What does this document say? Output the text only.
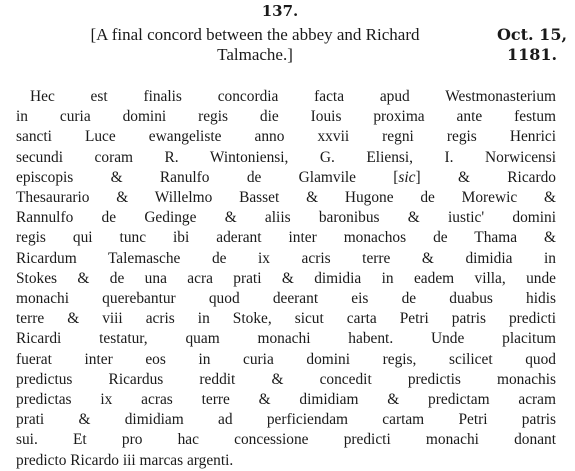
137.
[A final concord between the abbey and Richard
Talmache.]
Oct. 15,
1181.
Hec est finalis concordia facta apud Westmonasterium
in curia domini regis die Iouis proxima ante festum
sancti Luce ewangeliste anno xxvii regni regis Henrici
secundi coram R. Wintoniensi, G. Eliensi, I. Norwicensi
episcopis & Ranulfo de Glamvile [sic] & Ricardo
Thesaurario & Willelmo Basset & Hugone de Morewic &
Rannulfo de Gedinge & aliis baronibus & iustic' domini
regis qui tunc ibi aderant inter monachos de Thama &
Ricardum Talemasche de ix acris terre & dimidia in
Stokes & de una acra prati & dimidia in eadem villa, unde
monachi querebantur quod deerant eis de duabus hidis
terre & viii acris in Stoke, sicut carta Petri patris predicti
Ricardi testatur, quam monachi habent. Unde placitum
fuerat inter eos in curia domini regis, scilicet quod
predictus Ricardus reddit & concedit predictis monachis
predictas ix acras terre & dimidiam & predictam acram
prati & dimidiam ad perficiendam cartam Petri patris
sui. Et pro hac concessione predicti monachi donant
predicto Ricardo iii marcas argenti.
